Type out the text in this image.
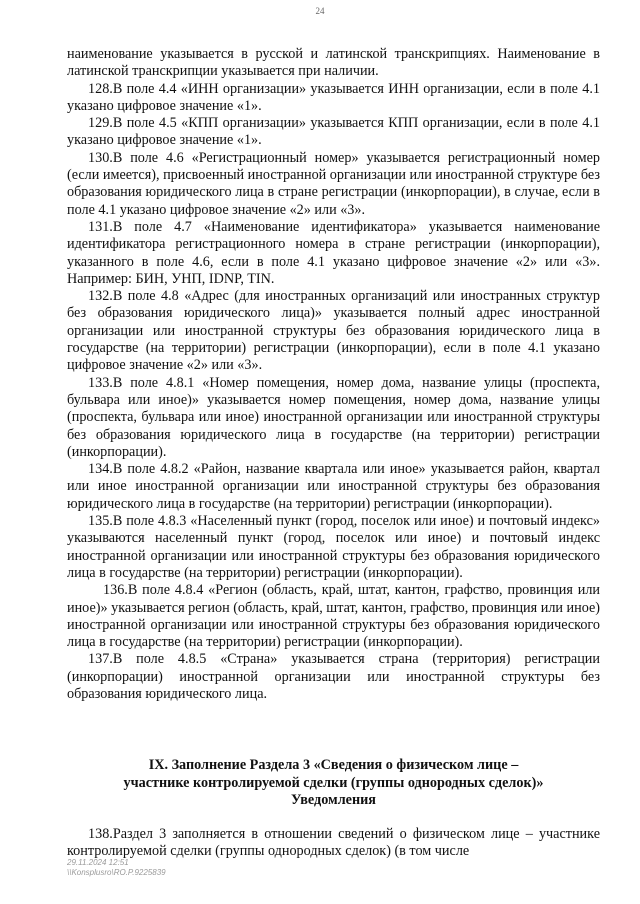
24

наименование указывается в русской и латинской транскрипциях. Наименование в латинской транскрипции указывается при наличии.

128.В поле 4.4 «ИНН организации» указывается ИНН организации, если в поле 4.1 указано цифровое значение «1».

129.В поле 4.5 «КПП организации» указывается КПП организации, если в поле 4.1 указано цифровое значение «1».

130.В поле 4.6 «Регистрационный номер» указывается регистрационный номер (если имеется), присвоенный иностранной организации или иностранной структуре без образования юридического лица в стране регистрации (инкорпорации), в случае, если в поле 4.1 указано цифровое значение «2» или «3».

131.В поле 4.7 «Наименование идентификатора» указывается наименование идентификатора регистрационного номера в стране регистрации (инкорпорации), указанного в поле 4.6, если в поле 4.1 указано цифровое значение «2» или «3». Например: БИН, УНП, IDNP, TIN.

132.В поле 4.8 «Адрес (для иностранных организаций или иностранных структур без образования юридического лица)» указывается полный адрес иностранной организации или иностранной структуры без образования юридического лица в государстве (на территории) регистрации (инкорпорации), если в поле 4.1 указано цифровое значение «2» или «3».

133.В поле 4.8.1 «Номер помещения, номер дома, название улицы (проспекта, бульвара или иное)» указывается номер помещения, номер дома, название улицы (проспекта, бульвара или иное) иностранной организации или иностранной структуры без образования юридического лица в государстве (на территории) регистрации (инкорпорации).

134.В поле 4.8.2 «Район, название квартала или иное» указывается район, квартал или иное иностранной организации или иностранной структуры без образования юридического лица в государстве (на территории) регистрации (инкорпорации).

135.В поле 4.8.3 «Населенный пункт (город, поселок или иное) и почтовый индекс» указываются населенный пункт (город, поселок или иное) и почтовый индекс иностранной организации или иностранной структуры без образования юридического лица в государстве (на территории) регистрации (инкорпорации).

136.В поле 4.8.4 «Регион (область, край, штат, кантон, графство, провинция или иное)» указывается регион (область, край, штат, кантон, графство, провинция или иное) иностранной организации или иностранной структуры без образования юридического лица в государстве (на территории) регистрации (инкорпорации).

137.В поле 4.8.5 «Страна» указывается страна (территория) регистрации (инкорпорации) иностранной организации или иностранной структуры без образования юридического лица.

IX. Заполнение Раздела 3 «Сведения о физическом лице –
участнике контролируемой сделки (группы однородных сделок)»
Уведомления

138.Раздел 3 заполняется в отношении сведений о физическом лице – участнике контролируемой сделки (группы однородных сделок) (в том числе

29.11.2024 12:51
\\Konsplusro\RO.P.9225839
